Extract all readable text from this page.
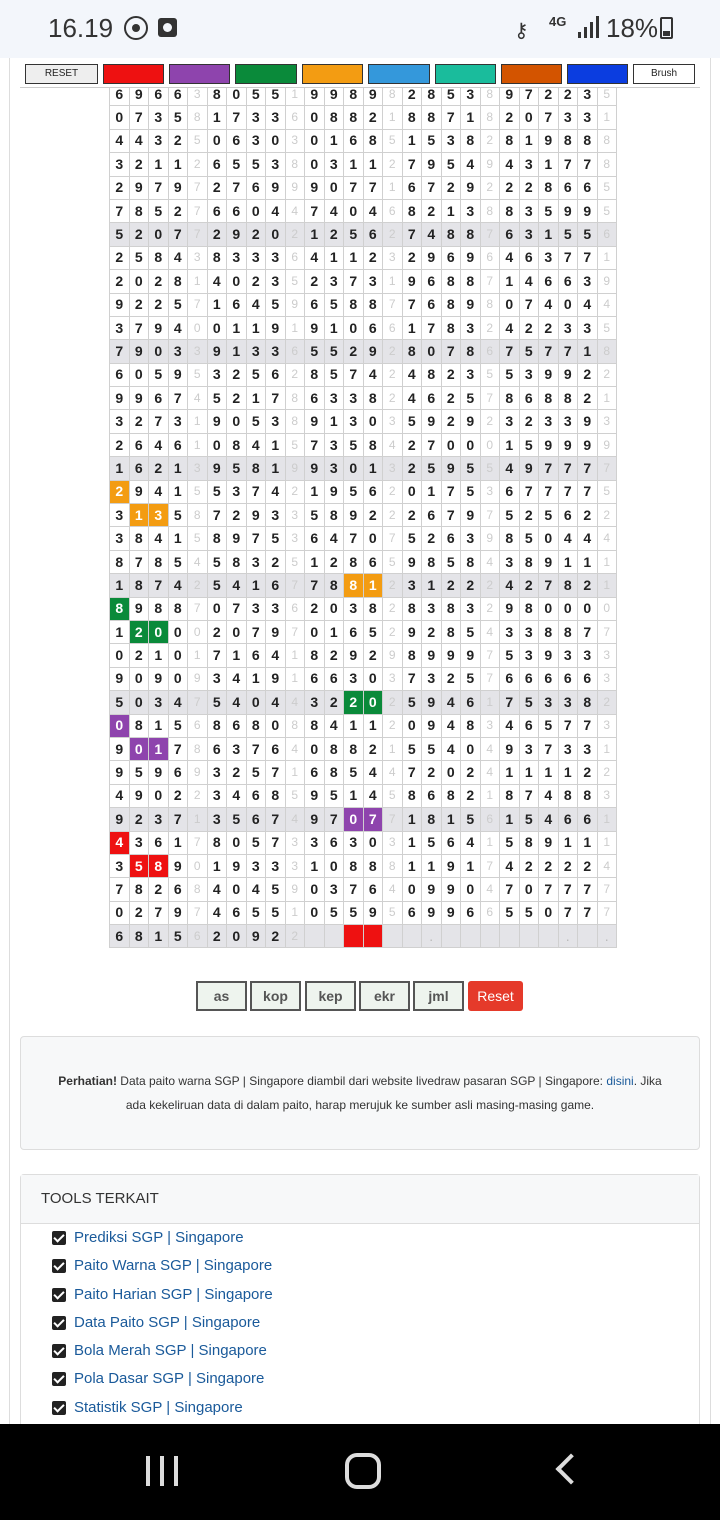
16.19	⚷ 4G 18%
RESET	Brush
6	9	6	6	3	8	0	5	5	1	9	9	8	9	8	2	8	5	3	8	9	7	2	2	3	5
0	7	3	5	8	1	7	3	3	6	0	8	8	2	1	8	8	7	1	8	2	0	7	3	3	1
4	4	3	2	5	0	6	3	0	3	0	1	6	8	5	1	5	3	8	2	8	1	9	8	8	8
3	2	1	1	2	6	5	5	3	8	0	3	1	1	2	7	9	5	4	9	4	3	1	7	7	8
2	9	7	9	7	2	7	6	9	9	9	0	7	7	1	6	7	2	9	2	2	2	8	6	6	5
7	8	5	2	7	6	6	0	4	4	7	4	0	4	6	8	2	1	3	8	8	3	5	9	9	5
5	2	0	7	7	2	9	2	0	2	1	2	5	6	2	7	4	8	8	7	6	3	1	5	5	6
2	5	8	4	3	8	3	3	3	6	4	1	1	2	3	2	9	6	9	6	4	6	3	7	7	1
2	0	2	8	1	4	0	2	3	5	2	3	7	3	1	9	6	8	8	7	1	4	6	6	3	9
9	2	2	5	7	1	6	4	5	9	6	5	8	8	7	7	6	8	9	8	0	7	4	0	4	4
3	7	9	4	0	0	1	1	9	1	9	1	0	6	6	1	7	8	3	2	4	2	2	3	3	5
7	9	0	3	3	9	1	3	3	6	5	5	2	9	2	8	0	7	8	6	7	5	7	7	1	8
6	0	5	9	5	3	2	5	6	2	8	5	7	4	2	4	8	2	3	5	5	3	9	9	2	2
9	9	6	7	4	5	2	1	7	8	6	3	3	8	2	4	6	2	5	7	8	6	8	8	2	1
3	2	7	3	1	9	0	5	3	8	9	1	3	0	3	5	9	2	9	2	3	2	3	3	9	3
2	6	4	6	1	0	8	4	1	5	7	3	5	8	4	2	7	0	0	0	1	5	9	9	9	9
1	6	2	1	3	9	5	8	1	9	9	3	0	1	3	2	5	9	5	5	4	9	7	7	7	7
2	9	4	1	5	5	3	7	4	2	1	9	5	6	2	0	1	7	5	3	6	7	7	7	7	5
3	1	3	5	8	7	2	9	3	3	5	8	9	2	2	2	6	7	9	7	5	2	5	6	2	2
3	8	4	1	5	8	9	7	5	3	6	4	7	0	7	5	2	6	3	9	8	5	0	4	4	4
8	7	8	5	4	5	8	3	2	5	1	2	8	6	5	9	8	5	8	4	3	8	9	1	1	1
1	8	7	4	2	5	4	1	6	7	7	8	8	1	2	3	1	2	2	2	4	2	7	8	2	1
8	9	8	8	7	0	7	3	3	6	2	0	3	8	2	8	3	8	3	2	9	8	0	0	0	0
1	2	0	0	0	2	0	7	9	7	0	1	6	5	2	9	2	8	5	4	3	3	8	8	7	7
0	2	1	0	1	7	1	6	4	1	8	2	9	2	9	8	9	9	9	7	5	3	9	3	3	3
9	0	9	0	9	3	4	1	9	1	6	6	3	0	3	7	3	2	5	7	6	6	6	6	6	3
5	0	3	4	7	5	4	0	4	4	3	2	2	0	2	5	9	4	6	1	7	5	3	3	8	2
0	8	1	5	6	8	6	8	0	8	8	4	1	1	2	0	9	4	8	3	4	6	5	7	7	3
9	0	1	7	8	6	3	7	6	4	0	8	8	2	1	5	5	4	0	4	9	3	7	3	3	1
9	5	9	6	9	3	2	5	7	1	6	8	5	4	4	7	2	0	2	4	1	1	1	1	2	2
4	9	0	2	2	3	4	6	8	5	9	5	1	4	5	8	6	8	2	1	8	7	4	8	8	3
9	2	3	7	1	3	5	6	7	4	9	7	0	7	7	1	8	1	5	6	1	5	4	6	6	1
4	3	6	1	7	8	0	5	7	3	3	6	3	0	3	1	5	6	4	1	5	8	9	1	1	1
3	5	8	9	0	1	9	3	3	3	1	0	8	8	8	1	1	9	1	7	4	2	2	2	2	4
7	8	2	6	8	4	0	4	5	9	0	3	7	6	4	0	9	9	0	4	7	0	7	7	7	7
0	2	7	9	7	4	6	5	5	1	0	5	5	9	5	6	9	9	6	6	5	5	0	7	7	7
6	8	1	5	6	2	0	9	2	2							.							.		.
as	kop	kep	ekr	jml	Reset
Perhatian! Data paito warna SGP | Singapore diambil dari website livedraw pasaran SGP | Singapore: disini. Jika ada kekeliruan data di dalam paito, harap merujuk ke sumber asli masing-masing game.
TOOLS TERKAIT
Prediksi SGP | Singapore
Paito Warna SGP | Singapore
Paito Harian SGP | Singapore
Data Paito SGP | Singapore
Bola Merah SGP | Singapore
Pola Dasar SGP | Singapore
Statistik SGP | Singapore
